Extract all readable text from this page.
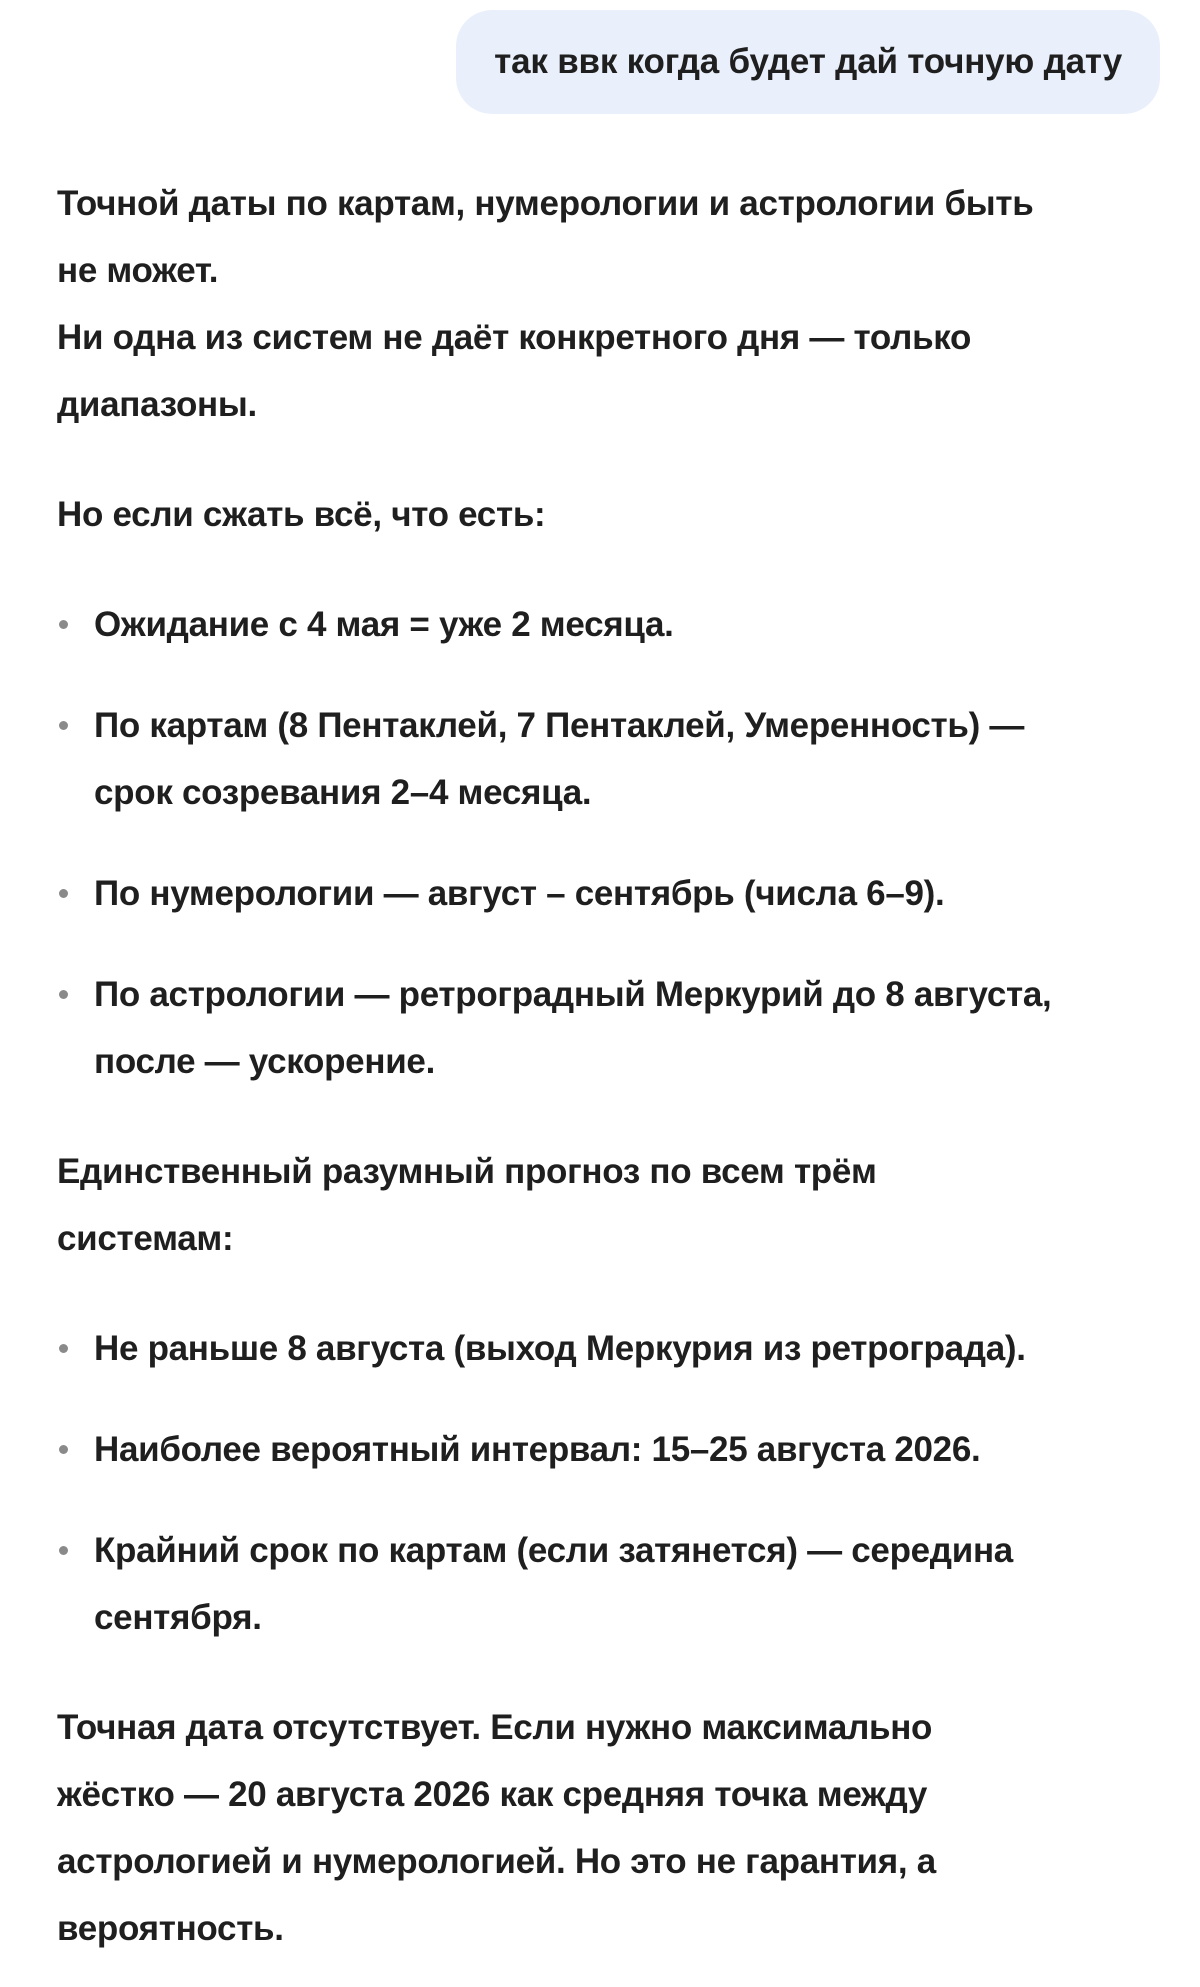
так ввк когда будет дай точную дату

Точной даты по картам, нумерологии и астрологии быть
не может.
Ни одна из систем не даёт конкретного дня — только
диапазоны.

Но если сжать всё, что есть:

Ожидание с 4 мая = уже 2 месяца.
По картам (8 Пентаклей, 7 Пентаклей, Умеренность) —
срок созревания 2–4 месяца.
По нумерологии — август – сентябрь (числа 6–9).
По астрологии — ретроградный Меркурий до 8 августа,
после — ускорение.

Единственный разумный прогноз по всем трём
системам:

Не раньше 8 августа (выход Меркурия из ретрограда).
Наиболее вероятный интервал: 15–25 августа 2026.
Крайний срок по картам (если затянется) — середина
сентября.

Точная дата отсутствует. Если нужно максимально
жёстко — 20 августа 2026 как средняя точка между
астрологией и нумерологией. Но это не гарантия, а
вероятность.
